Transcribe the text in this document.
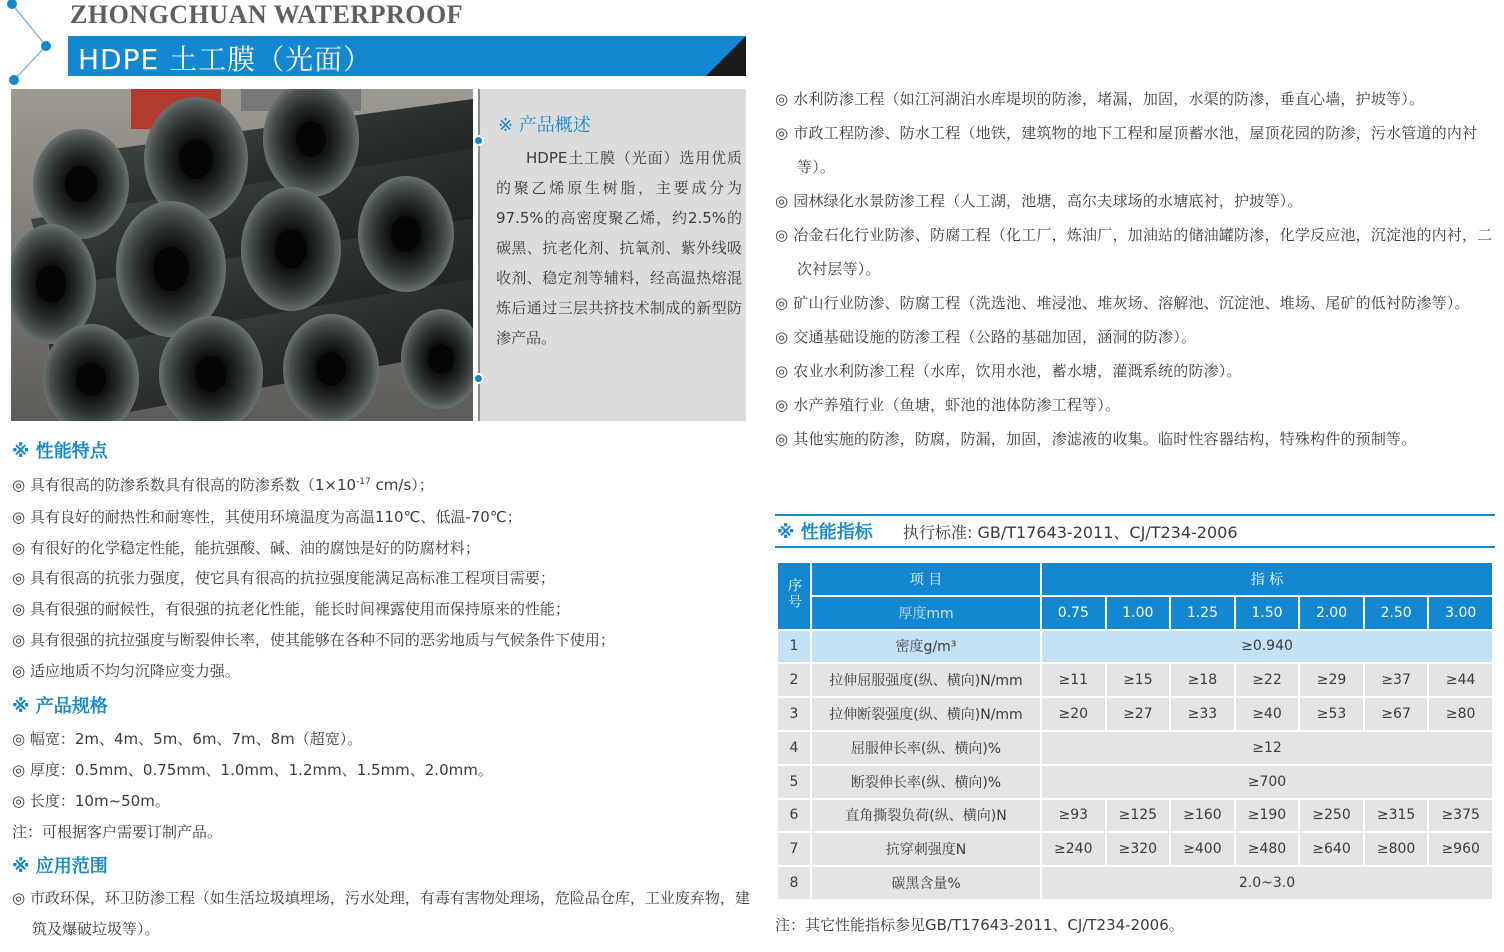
ZHONGCHUAN WATERPROOF
HDPE 土工膜（光面）
※ 产品概述
HDPE土工膜（光面）选用优质的聚乙烯原生树脂，主要成分为97.5%的高密度聚乙烯，约2.5%的碳黑、抗老化剂、抗氧剂、紫外线吸收剂、稳定剂等辅料，经高温热熔混炼后通过三层共挤技术制成的新型防渗产品。
※ 性能特点
◎ 具有很高的防渗系数具有很高的防渗系数（$1\times 10^{-17}$ cm/s）；
◎ 具有良好的耐热性和耐寒性，其使用环境温度为高温110℃、低温-70℃；
◎ 有很好的化学稳定性能，能抗强酸、碱、油的腐蚀是好的防腐材料；
◎ 具有很高的抗张力强度，使它具有很高的抗拉强度能满足高标准工程项目需要；
◎ 具有很强的耐候性，有很强的抗老化性能，能长时间裸露使用而保持原来的性能；
◎ 具有很强的抗拉强度与断裂伸长率，使其能够在各种不同的恶劣地质与气候条件下使用；
◎ 适应地质不均匀沉降应变力强。
※ 产品规格
◎ 幅宽：2m、4m、5m、6m、7m、8m（超宽）。
◎ 厚度：0.5mm、0.75mm、1.0mm、1.2mm、1.5mm、2.0mm。
◎ 长度：10m~50m。
注：可根据客户需要订制产品。
※ 应用范围
◎ 市政环保，环卫防渗工程（如生活垃圾填埋场，污水处理，有毒有害物处理场，危险品仓库，工业废弃物，建筑及爆破垃圾等）。
◎ 水利防渗工程（如江河湖泊水库堤坝的防渗，堵漏，加固，水渠的防渗，垂直心墙，护坡等）。
◎ 市政工程防渗、防水工程（地铁，建筑物的地下工程和屋顶蓄水池，屋顶花园的防渗，污水管道的内衬等）。
◎ 园林绿化水景防渗工程（人工湖，池塘，高尔夫球场的水塘底衬，护坡等）。
◎ 冶金石化行业防渗、防腐工程（化工厂，炼油厂，加油站的储油罐防渗，化学反应池，沉淀池的内衬，二次衬层等）。
◎ 矿山行业防渗、防腐工程（洗选池、堆浸池、堆灰场、溶解池、沉淀池、堆场、尾矿的低衬防渗等）。
◎ 交通基础设施的防渗工程（公路的基础加固，涵洞的防渗）。
◎ 农业水利防渗工程（水库，饮用水池，蓄水塘，灌溉系统的防渗）。
◎ 水产养殖行业（鱼塘，虾池的池体防渗工程等）。
◎ 其他实施的防渗，防腐，防漏，加固，渗滤液的收集。临时性容器结构，特殊构件的预制等。
※ 性能指标 执行标准: GB/T17643-2011、CJ/T234-2006
序号	项 目	指 标						
	厚度mm	0.75	1.00	1.25	1.50	2.00	2.50	3.00
1	密度g/m³	≥0.940						
2	拉伸屈服强度(纵、横向)N/mm	≥11	≥15	≥18	≥22	≥29	≥37	≥44
3	拉伸断裂强度(纵、横向)N/mm	≥20	≥27	≥33	≥40	≥53	≥67	≥80
4	屈服伸长率(纵、横向)%	≥12						
5	断裂伸长率(纵、横向)%	≥700						
6	直角撕裂负荷(纵、横向)N	≥93	≥125	≥160	≥190	≥250	≥315	≥375
7	抗穿刺强度N	≥240	≥320	≥400	≥480	≥640	≥800	≥960
8	碳黑含量%	2.0~3.0						
注：其它性能指标参见GB/T17643-2011、CJ/T234-2006。
